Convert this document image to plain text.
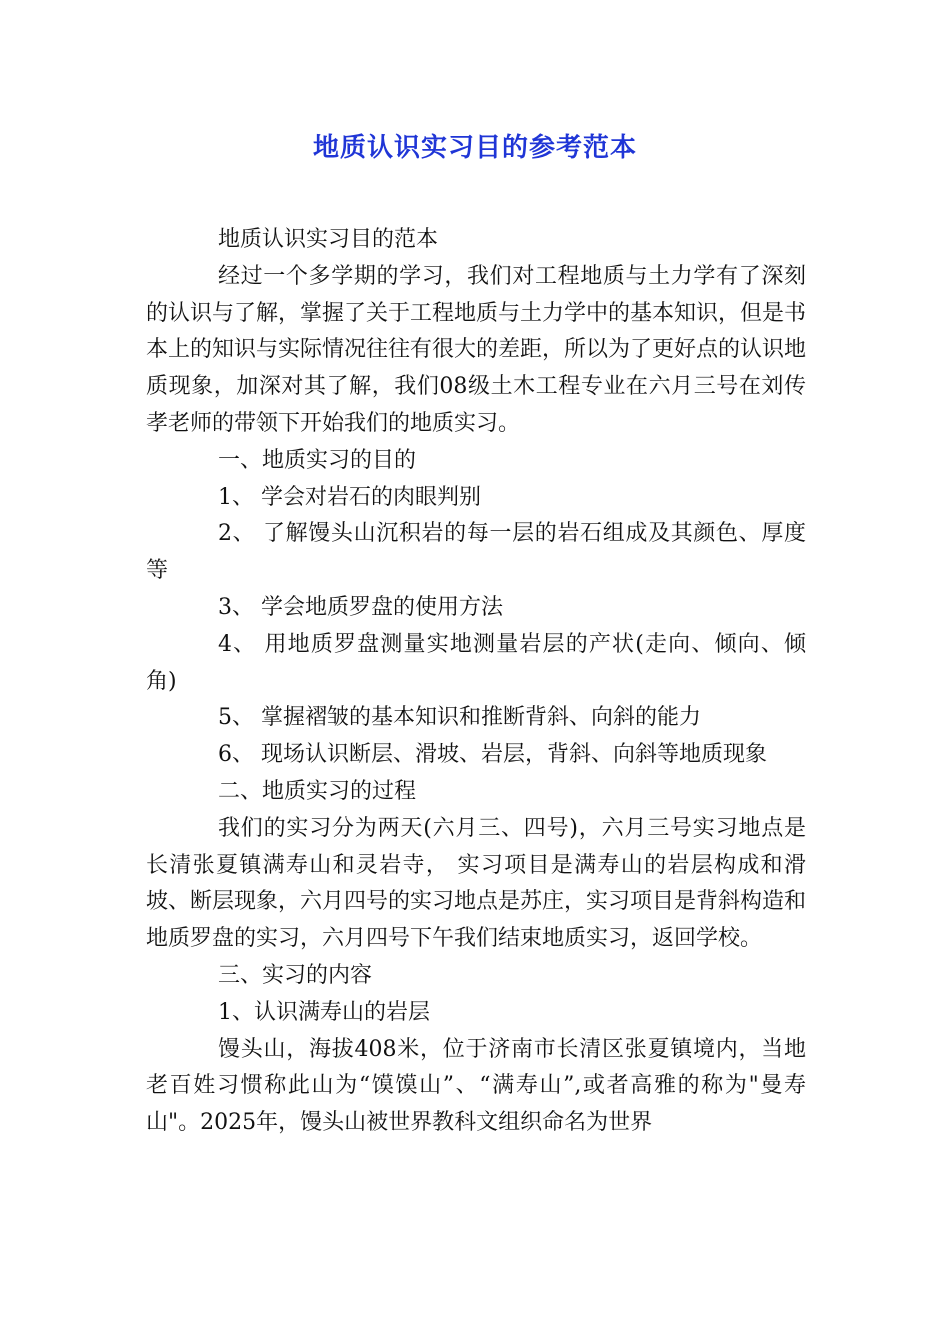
地质认识实习目的参考范本

地质认识实习目的范本

经过一个多学期的学习，我们对工程地质与土力学有了深刻的认识与了解，掌握了关于工程地质与土力学中的基本知识，但是书本上的知识与实际情况往往有很大的差距，所以为了更好点的认识地质现象，加深对其了解，我们08级土木工程专业在六月三号在刘传孝老师的带领下开始我们的地质实习。

一、地质实习的目的

1、 学会对岩石的肉眼判别

2、 了解馒头山沉积岩的每一层的岩石组成及其颜色、厚度等

3、 学会地质罗盘的使用方法

4、 用地质罗盘测量实地测量岩层的产状(走向、倾向、倾角)

5、 掌握褶皱的基本知识和推断背斜、向斜的能力

6、 现场认识断层、滑坡、岩层，背斜、向斜等地质现象

二、地质实习的过程

我们的实习分为两天(六月三、四号)，六月三号实习地点是长清张夏镇满寿山和灵岩寺， 实习项目是满寿山的岩层构成和滑坡、断层现象，六月四号的实习地点是苏庄，实习项目是背斜构造和地质罗盘的实习，六月四号下午我们结束地质实习，返回学校。

三、实习的内容

1、认识满寿山的岩层

馒头山，海拔408米，位于济南市长清区张夏镇境内，当地老百姓习惯称此山为“馍馍山”、“满寿山”,或者高雅的称为"曼寿山"。2025年，馒头山被世界教科文组织命名为世界
